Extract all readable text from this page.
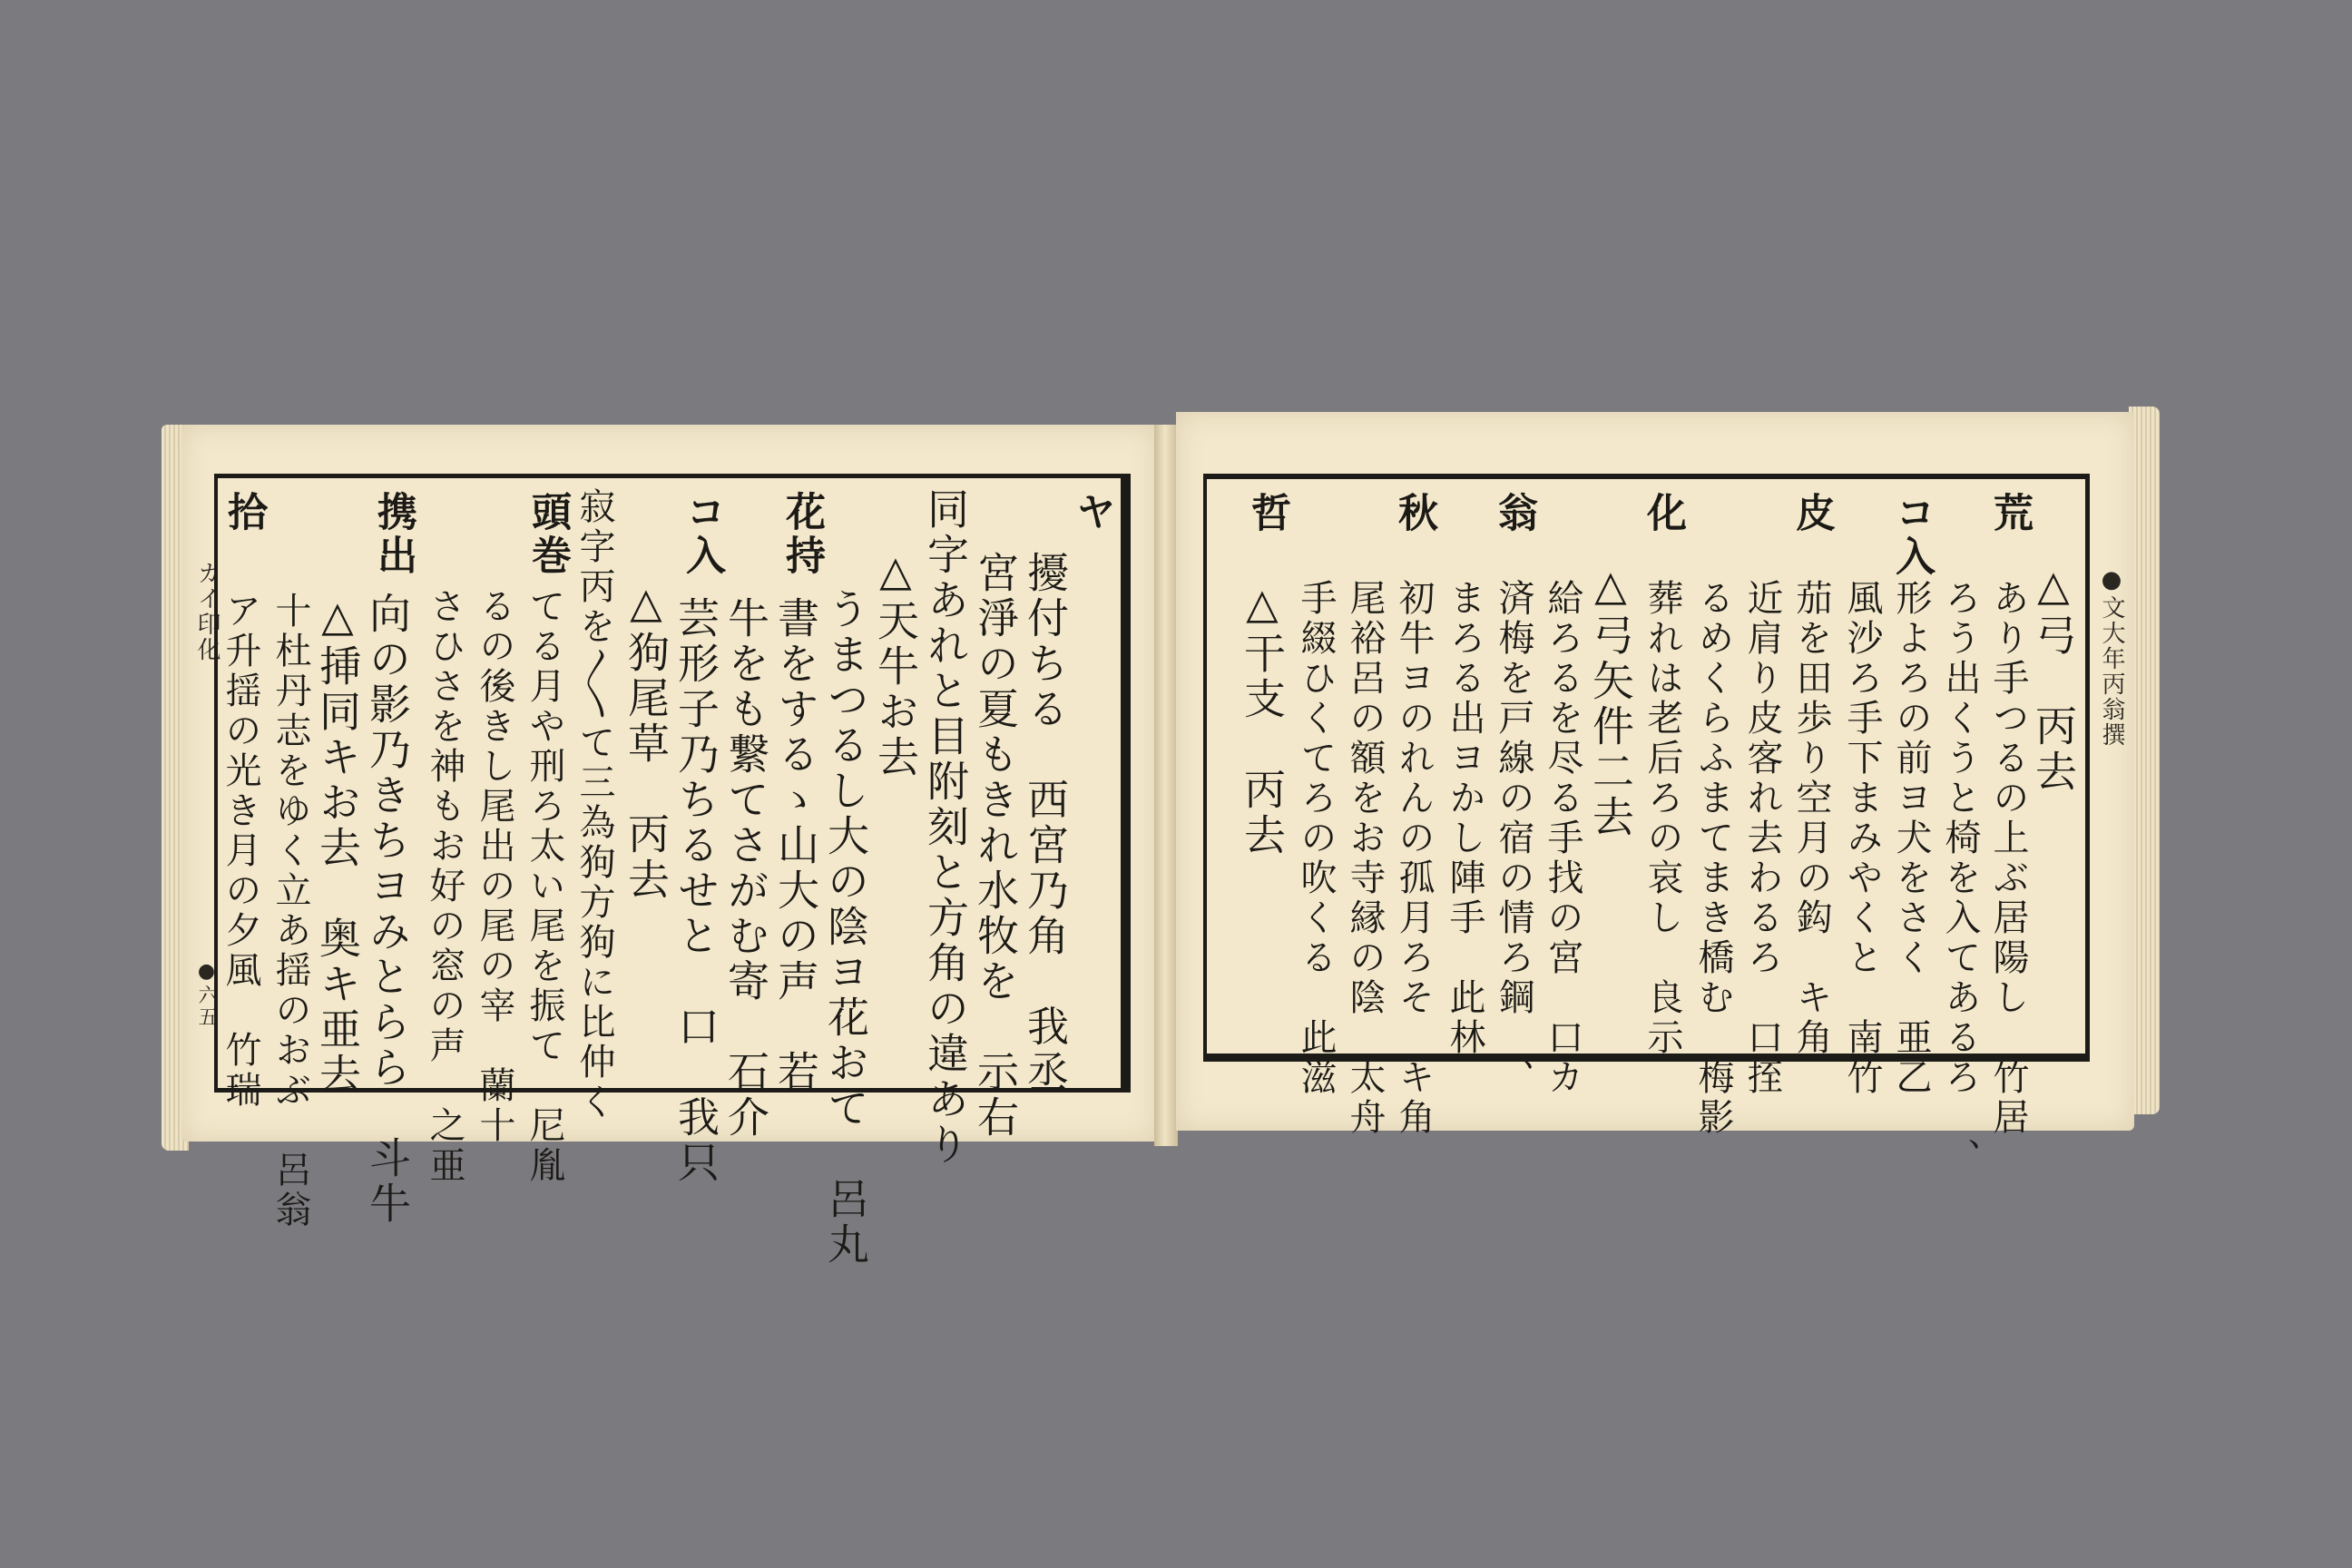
カイ印化
●六五
ヤ
擾付ちる　西宮乃角　我丞
宮淨の夏もきれ水牧を　示右
同字あれと目附刻と方角の違あり
△天牛お去
うまつるし大の陰ヨ花おて　呂丸
花持
書をするゝ山大の声　若
牛をも繋てさがむ寄　石介
コ入
芸形子乃ちるせと　口　我只
△狗尾草　丙去
寂字丙を〳〵て三為狗方狗に比仲く
頭巻
てる月や刑ろ太い尾を振て　尼胤
るの後きし尾出の尾の宰　蘭十
さひさを神もお好の窓の声　之亜
携出
向の影乃きちヨみとらら　斗牛
△挿同キお去　奥キ亜去
十杜丹志をゆく立あ揺のおぶ　呂翁
拾
ア升揺の光き月の夕風　竹瑞	●文大年丙翁撰
△弓　丙去
荒
あり手つるの上ぶ居陽し　竹居
ろう出くうと椅を入てあるろ　、
コ入
形よろの前ヨ犬をさく　亜乙
風沙ろ手下まみやくと　南竹
皮
茄を田歩り空月の鈎　キ角
近肩り皮客れ去わるろ　口挃
るめくらふまてまき橋む　梅影
化
葬れは老后ろの哀し　良示
△弓矢件二去
給ろるを尽る手找の宮　口カ
翁
済梅を戸線の宿の情ろ鋼　、
まろる出ヨかし陣手　此林
秋
初牛ヨのれんの孤月ろそ　キ角
尾裕呂の額をお寺縁の陰　太舟
手綴ひくてろの吹くる　此滋
哲
△干支　丙去
